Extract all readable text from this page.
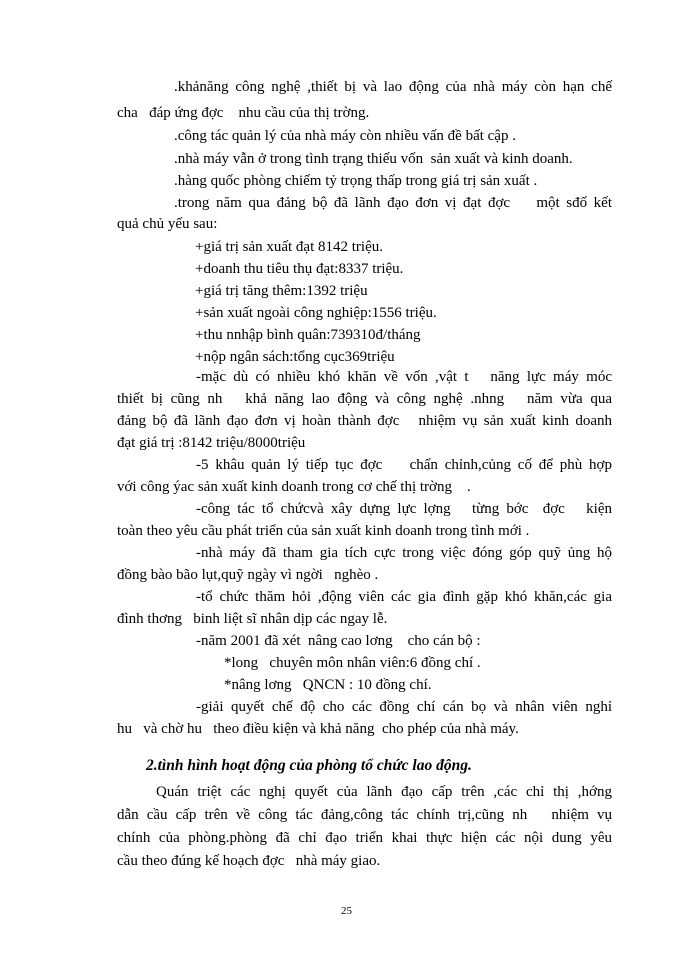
.khảnăng công nghệ ,thiết bị và lao động của nhà máy còn hạn chế
cha   đáp ứng đợc    nhu cầu của thị trờng.
.công tác quản lý của nhà máy còn nhiều vấn đề bất cập .
.nhà máy vẫn ở trong tình trạng thiếu vốn  sản xuất và kinh doanh.
.hàng quốc phòng chiếm tỷ trọng thấp trong giá trị sản xuất .
.trong năm qua đảng bộ đã lãnh đạo đơn vị đạt đợc    một sđố kết
quả chủ yếu sau:
+giá trị sản xuất đạt 8142 triệu.
+doanh thu tiêu thụ đạt:8337 triệu.
+giá trị tăng thêm:1392 triệu
+sản xuất ngoài công nghiệp:1556 triệu.
+thu nnhập bình quân:739310đ/tháng
+nộp ngân sách:tổng cục369triệu
-mặc dù có nhiều khó khăn về vốn ,vật t   năng lực máy móc
thiết bị cũng nh   khả năng lao động và công nghệ .nhng   năm vừa qua
đảng bộ đã lãnh đạo đơn vị hoàn thành đợc   nhiệm vụ sản xuất kinh doanh
đạt giá trị :8142 triệu/8000triệu
-5 khâu quản lý tiếp tục đợc    chấn chỉnh,củng cố để phù hợp
với công ýac sản xuất kinh doanh trong cơ chế thị trờng    .
-công tác tổ chứcvà xây dựng lực lợng   từng bớc  đợc   kiện
toàn theo yêu cầu phát triển của sản xuất kinh doanh trong tình mới .
-nhà máy đã tham gia tích cực trong việc đóng góp quỹ ủng hộ
đồng bào bão lụt,quỹ ngày vì ngời   nghèo .
-tổ chức thăm hỏi ,động viên các gia đình gặp khó khăn,các gia
đình thơng   binh liệt sĩ nhân dịp các ngay lễ.
-năm 2001 đã xét  nâng cao lơng    cho cán bộ :
*long   chuyên môn nhân viên:6 đồng chí .
*nâng lơng   QNCN : 10 đồng chí.
-giải quyết chế độ cho các đồng chí cán bọ và nhân viên nghỉ
hu   và chờ hu   theo điều kiện và khả năng  cho phép của nhà máy.
2.tình hình hoạt động của phòng tổ chức lao động.
Quán triệt các nghị quyết của lãnh đạo cấp trên ,các chỉ thị ,hớng
dẫn cầu cấp trên về công tác đảng,công tác chính trị,cũng nh   nhiệm vụ
chính của phòng.phòng đã chỉ đạo triển khai thực hiện các nội dung yêu
cầu theo đúng kế hoạch đợc   nhà máy giao.
25
